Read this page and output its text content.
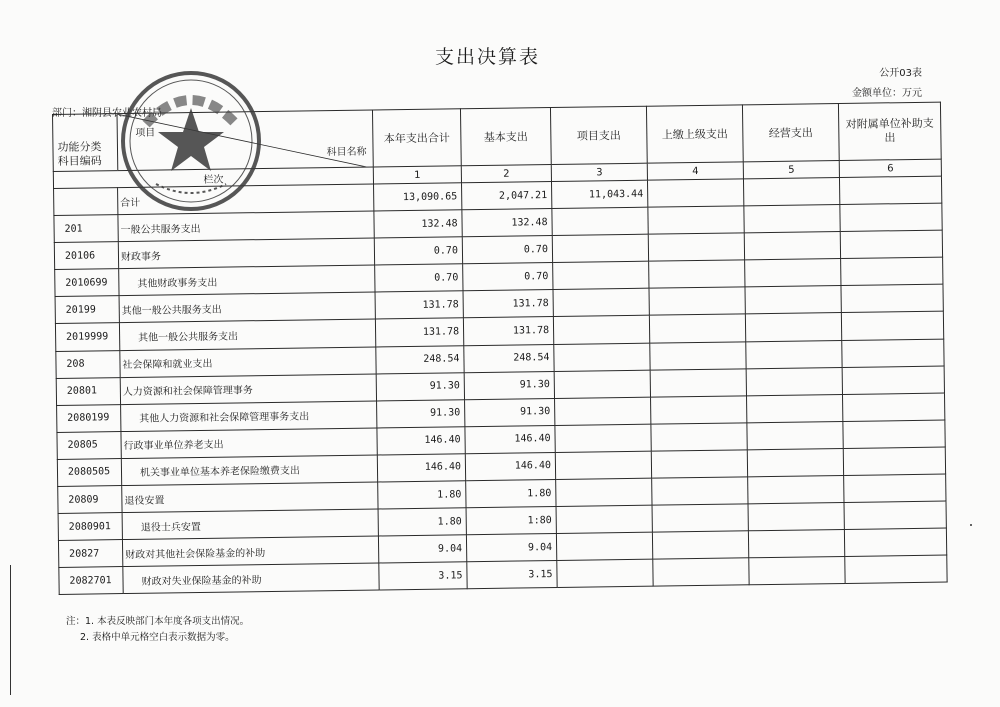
支出决算表
公开03表
金额单位：万元
部门：湘阴县农业农村局
功能分类
科目编码
项目
科目名称		本年支出合计	基本支出	项目支出	上缴上级支出	经营支出	对附属单位补助支出
栏次		1	2	3	4	5	6
	合计	13,090.65	2,047.21	11,043.44			
201	一般公共服务支出	132.48	132.48				
20106	财政事务	0.70	0.70				
2010699	其他财政事务支出	0.70	0.70				
20199	其他一般公共服务支出	131.78	131.78				
2019999	其他一般公共服务支出	131.78	131.78				
208	社会保障和就业支出	248.54	248.54				
20801	人力资源和社会保障管理事务	91.30	91.30				
2080199	其他人力资源和社会保障管理事务支出	91.30	91.30				
20805	行政事业单位养老支出	146.40	146.40				
2080505	机关事业单位基本养老保险缴费支出	146.40	146.40				
20809	退役安置	1.80	1.80				
2080901	退役士兵安置	1.80	1:80				
20827	财政对其他社会保险基金的补助	9.04	9.04				
2082701	财政对失业保险基金的补助	3.15	3.15				
注：1. 本表反映部门本年度各项支出情况。
2. 表格中单元格空白表示数据为零。
